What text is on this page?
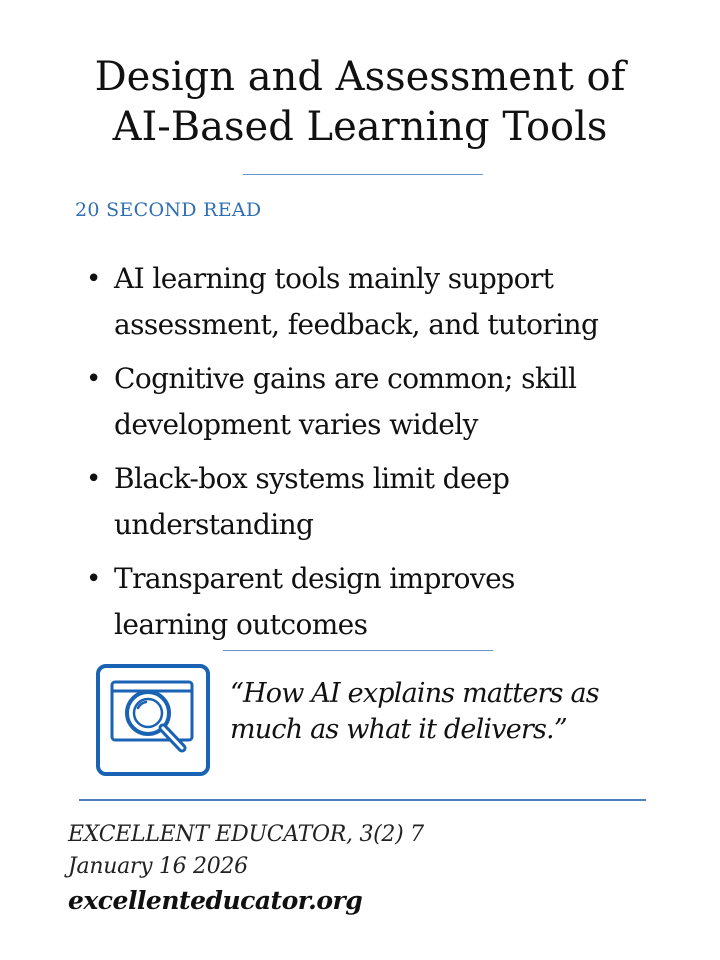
Design and Assessment of
AI-Based Learning Tools
20 SECOND READ
• AI learning tools mainly support
assessment, feedback, and tutoring
• Cognitive gains are common; skill
development varies widely
• Black-box systems limit deep
understanding
• Transparent design improves
learning outcomes
“How AI explains matters as
much as what it delivers.”
EXCELLENT EDUCATOR, 3(2) 7
January 16 2026
excellenteducator.org
